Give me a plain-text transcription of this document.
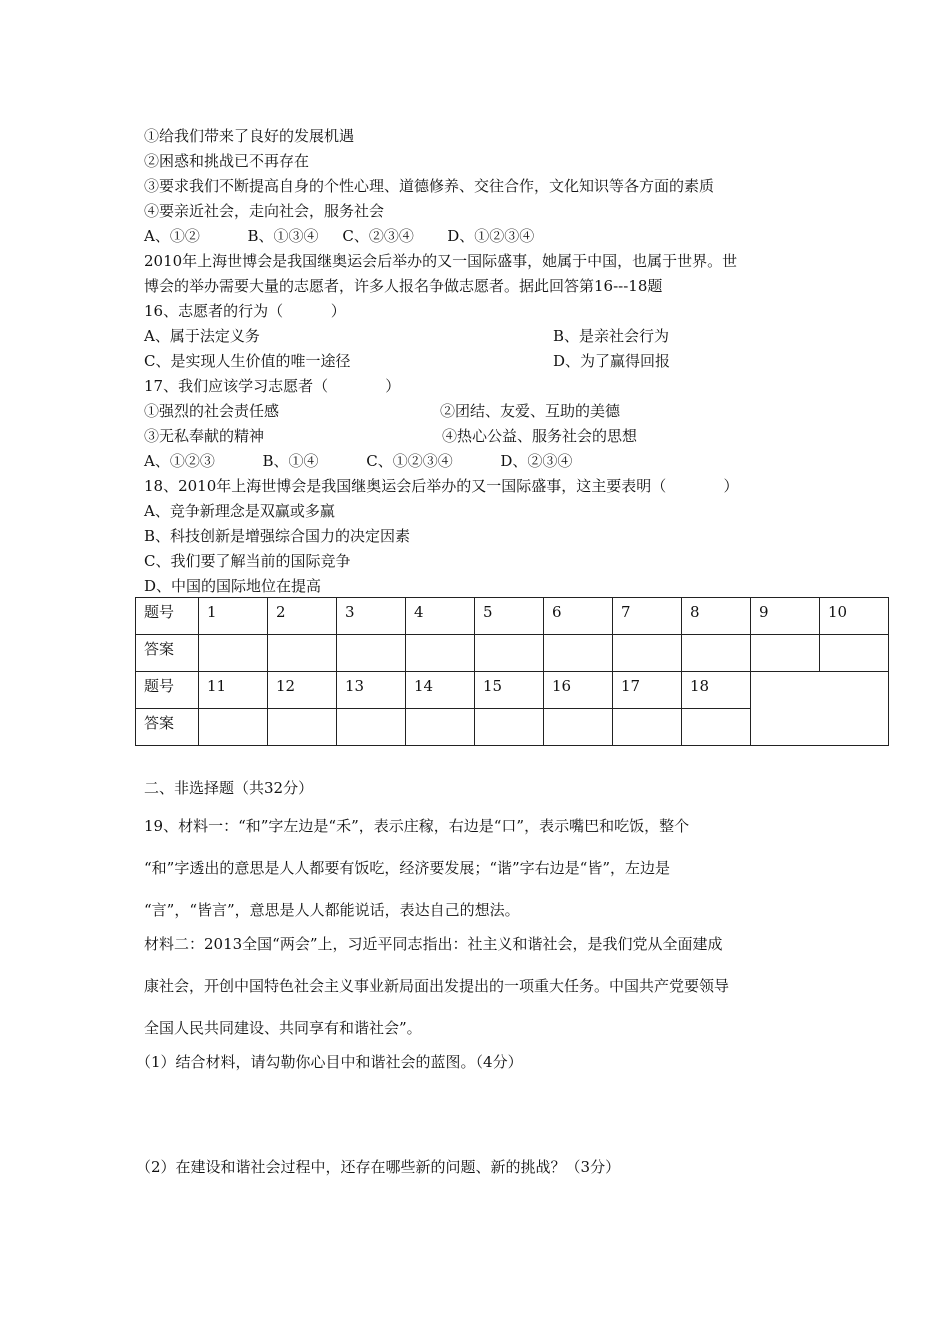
①给我们带来了良好的发展机遇
②困惑和挑战已不再存在
③要求我们不断提高自身的个性心理、道德修养、交往合作，文化知识等各方面的素质
④要亲近社会，走向社会，服务社会
A、①②          B、①③④     C、②③④       D、①②③④
2010年上海世博会是我国继奥运会后举办的又一国际盛事，她属于中国，也属于世界。世
博会的举办需要大量的志愿者，许多人报名争做志愿者。据此回答第16---18题
16、志愿者的行为（          ）
A、属于法定义务	B、是亲社会行为
C、是实现人生价值的唯一途径	D、为了赢得回报
17、我们应该学习志愿者（            ）
①强烈的社会责任感	②团结、友爱、互助的美德
③无私奉献的精神	④热心公益、服务社会的思想
A、①②③          B、①④          C、①②③④          D、②③④
18、2010年上海世博会是我国继奥运会后举办的又一国际盛事，这主要表明（            ）
A、竞争新理念是双赢或多赢
B、科技创新是增强综合国力的决定因素
C、我们要了解当前的国际竞争
D、中国的国际地位在提高
题号	1	2	3	4	5	6	7	8	9	10
答案										
题号	11	12	13	14	15	16	17	18		
答案										
二、非选择题（共32分）
19、材料一：“和”字左边是“禾”，表示庄稼，右边是“口”，表示嘴巴和吃饭，整个
“和”字透出的意思是人人都要有饭吃，经济要发展；“谐”字右边是“皆”，左边是
“言”，“皆言”，意思是人人都能说话，表达自己的想法。
材料二：2013全国“两会”上，习近平同志指出：社主义和谐社会，是我们党从全面建成
康社会，开创中国特色社会主义事业新局面出发提出的一项重大任务。中国共产党要领导
全国人民共同建设、共同享有和谐社会”。
（1）结合材料，请勾勒你心目中和谐社会的蓝图。（4分）
（2）在建设和谐社会过程中，还存在哪些新的问题、新的挑战？（3分）
